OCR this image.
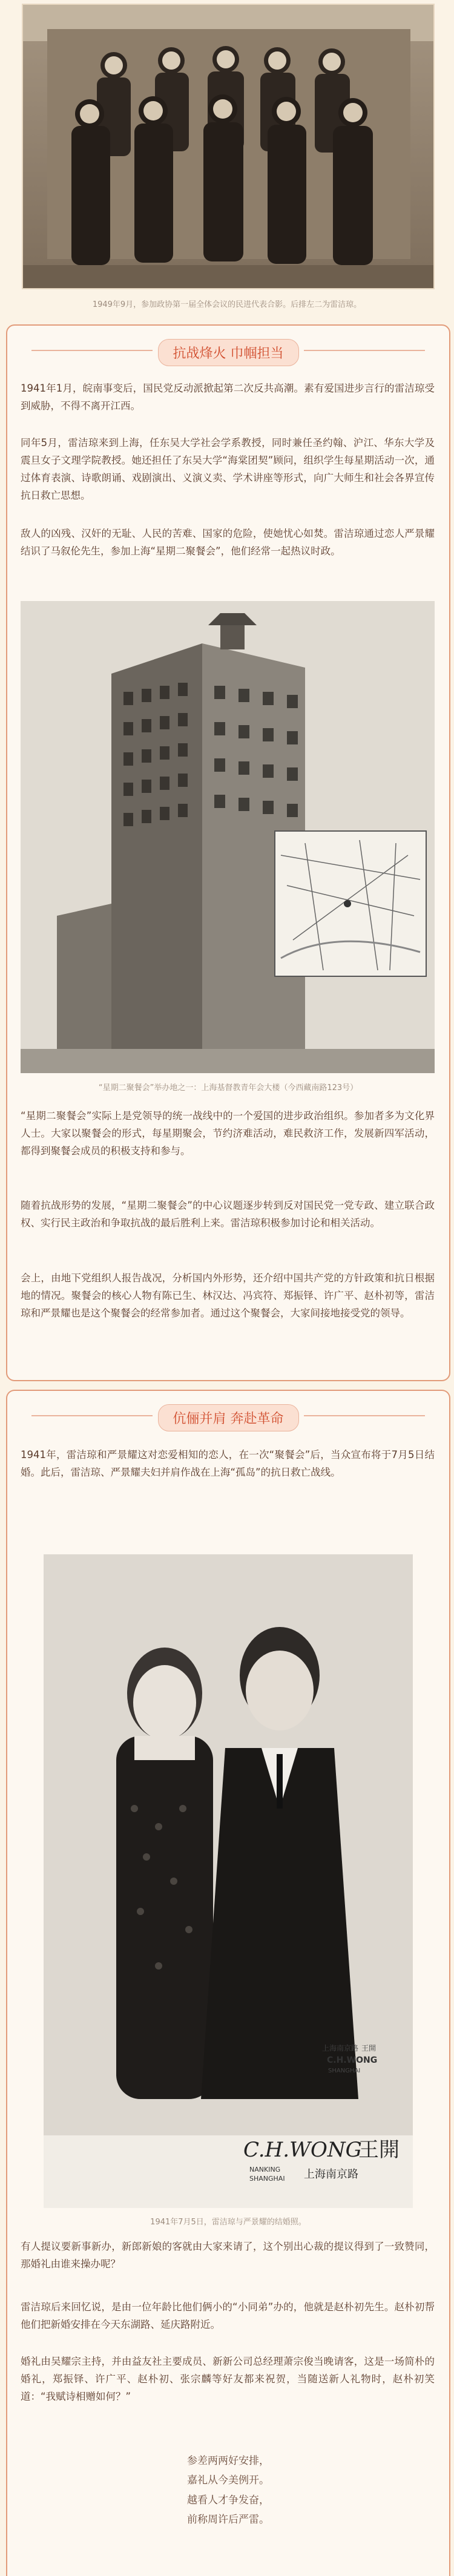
1949年9月，参加政协第一届全体会议的民进代表合影。后排左二为雷洁琼。
抗战烽火 巾帼担当
1941年1月，皖南事变后，国民党反动派掀起第二次反共高潮。素有爱国进步言行的雷洁琼受到威胁，不得不离开江西。
同年5月，雷洁琼来到上海，任东吴大学社会学系教授，同时兼任圣约翰、沪江、华东大学及震旦女子文理学院教授。她还担任了东吴大学“海棠团契”顾问，组织学生每星期活动一次，通过体育表演、诗歌朗诵、戏剧演出、义演义卖、学术讲座等形式，向广大师生和社会各界宣传抗日救亡思想。
敌人的凶残、汉奸的无耻、人民的苦难、国家的危险，使她忧心如焚。雷洁琼通过恋人严景耀结识了马叙伦先生，参加上海“星期二聚餐会”，他们经常一起热议时政。
“星期二聚餐会”举办地之一：上海基督教青年会大楼（今西藏南路123号）
“星期二聚餐会”实际上是党领导的统一战线中的一个爱国的进步政治组织。参加者多为文化界人士。大家以聚餐会的形式，每星期聚会，节约济难活动，难民救济工作，发展新四军活动，都得到聚餐会成员的积极支持和参与。
随着抗战形势的发展，“星期二聚餐会”的中心议题逐步转到反对国民党一党专政、建立联合政权、实行民主政治和争取抗战的最后胜利上来。雷洁琼积极参加讨论和相关活动。
会上，由地下党组织人报告战况，分析国内外形势，还介绍中国共产党的方针政策和抗日根据地的情况。聚餐会的核心人物有陈已生、林汉达、冯宾符、郑振铎、许广平、赵朴初等，雷洁琼和严景耀也是这个聚餐会的经常参加者。通过这个聚餐会，大家间接地接受党的领导。
伉俪并肩 奔赴革命
1941年，雷洁琼和严景耀这对恋爱相知的恋人，在一次“聚餐会”后，当众宣布将于7月5日结婚。此后，雷洁琼、严景耀夫妇并肩作战在上海“孤岛”的抗日救亡战线。
上海南京路
C.H.WONG
SHANGHAI
王開
C.H.WONG
王開
NANKING
SHANGHAI 上海南京路
1941年7月5日，雷洁琼与严景耀的结婚照。
有人提议要新事新办，新郎新娘的客就由大家来请了，这个别出心裁的提议得到了一致赞同，那婚礼由谁来操办呢？
雷洁琼后来回忆说，是由一位年龄比他们俩小的“小同弟”办的，他就是赵朴初先生。赵朴初帮他们把新婚安排在今天东湖路、延庆路附近。
婚礼由吴耀宗主持，并由益友社主要成员、新新公司总经理萧宗俊当晚请客，这是一场简朴的婚礼，郑振铎、许广平、赵朴初、张宗麟等好友都来祝贺，当随送新人礼物时，赵朴初笑道：“我赋诗相赠如何？”
参差两两好安排，
嘉礼从今美例开。
越看人才争发奋，
前称周许后严雷。
